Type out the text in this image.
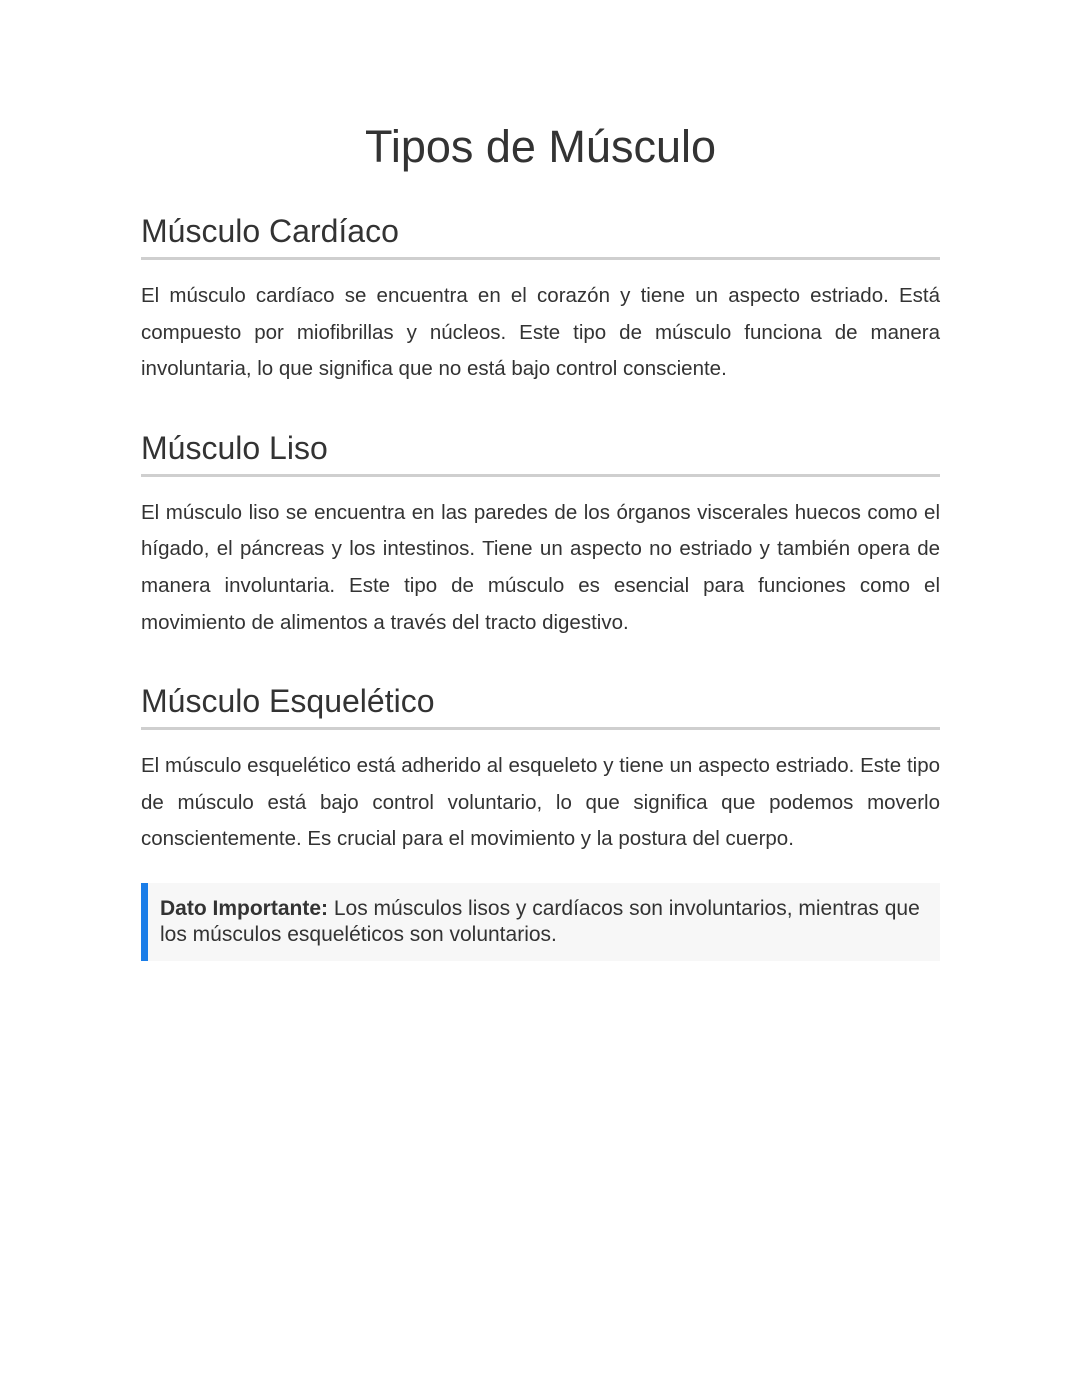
Tipos de Músculo
Músculo Cardíaco

El músculo cardíaco se encuentra en el corazón y tiene un aspecto estriado. Está compuesto por miofibrillas y núcleos. Este tipo de músculo funciona de manera involuntaria, lo que significa que no está bajo control consciente.

Músculo Liso

El músculo liso se encuentra en las paredes de los órganos viscerales huecos como el hígado, el páncreas y los intestinos. Tiene un aspecto no estriado y también opera de manera involuntaria. Este tipo de músculo es esencial para funciones como el movimiento de alimentos a través del tracto digestivo.

Músculo Esquelético

El músculo esquelético está adherido al esqueleto y tiene un aspecto estriado. Este tipo de músculo está bajo control voluntario, lo que significa que podemos moverlo conscientemente. Es crucial para el movimiento y la postura del cuerpo.

Dato Importante: Los músculos lisos y cardíacos son involuntarios, mientras que los músculos esqueléticos son voluntarios.
